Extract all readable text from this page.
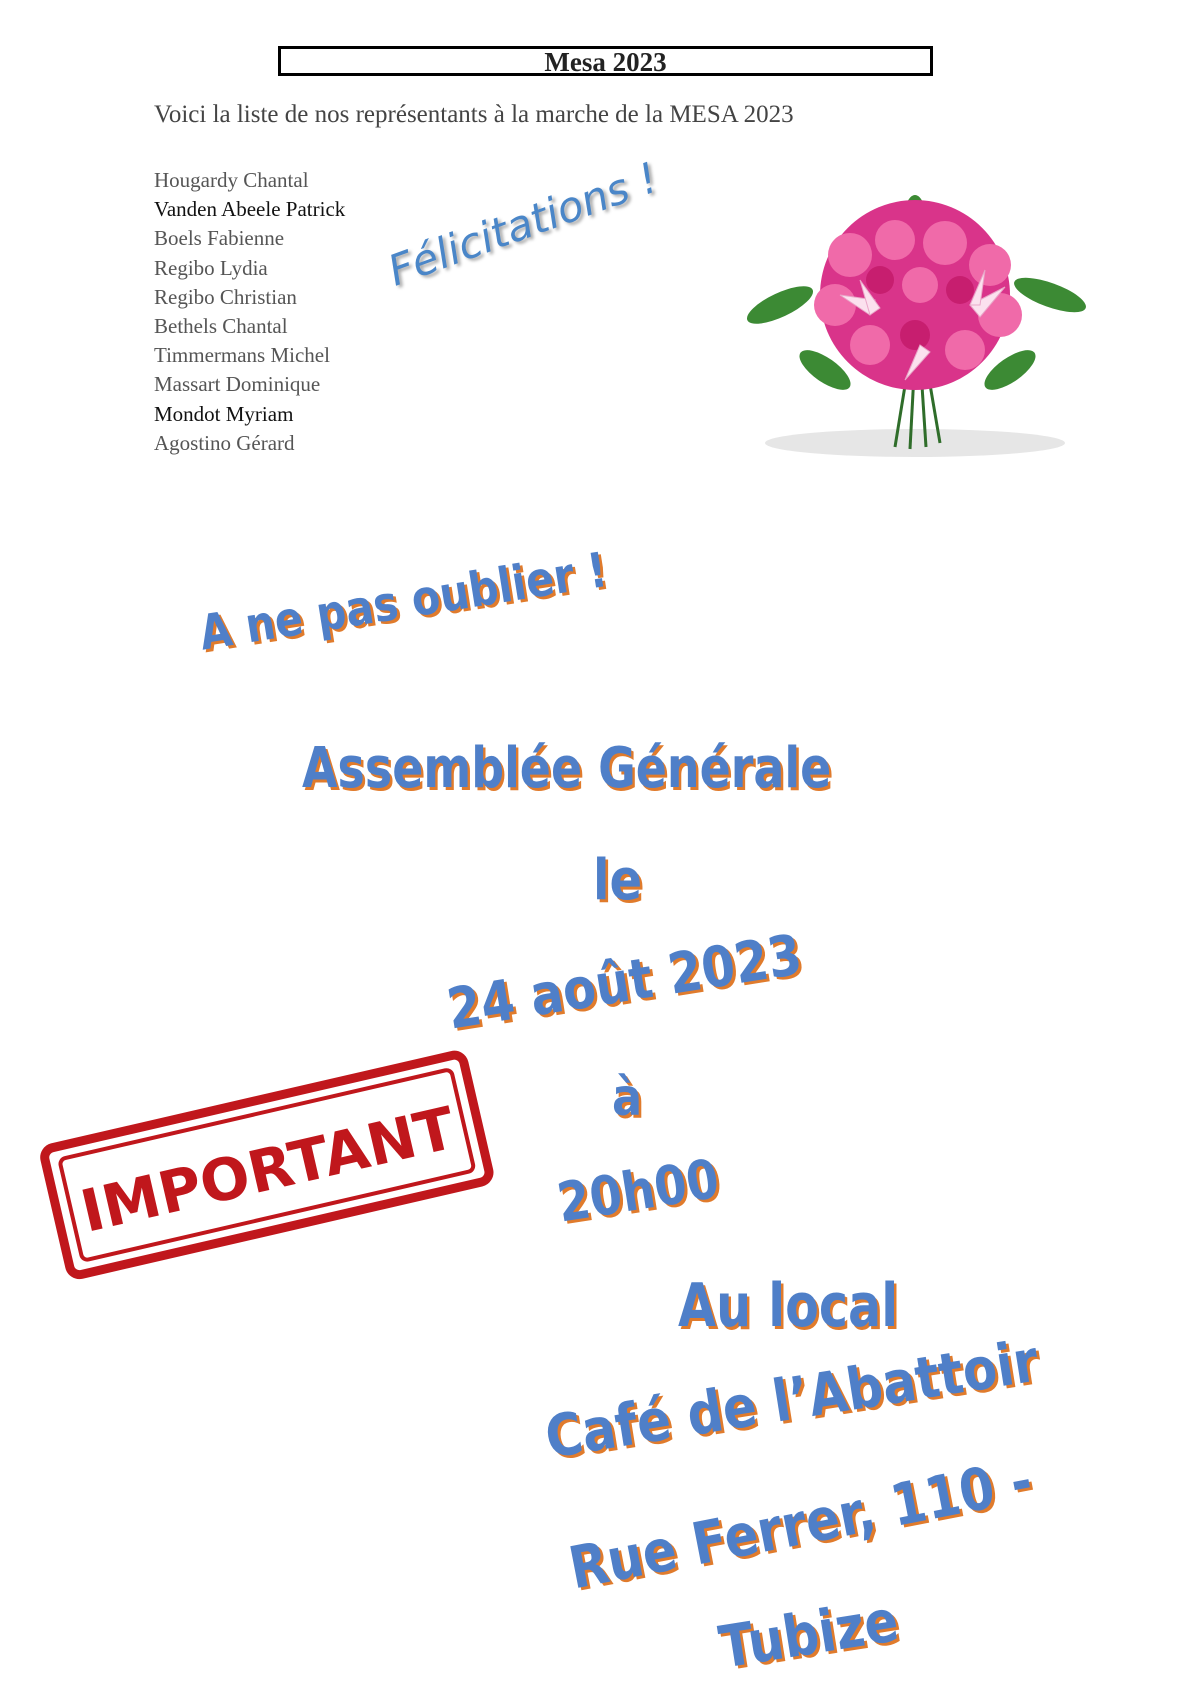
Mesa 2023
Voici la liste de nos représentants à la marche de la MESA 2023
Hougardy Chantal
Vanden Abeele Patrick
Boels Fabienne
Regibo Lydia
Regibo Christian
Bethels Chantal
Timmermans Michel
Massart Dominique
Mondot Myriam
Agostino Gérard
Félicitations !
A ne pas oublier !
Assemblée Générale
le
24 août 2023
à
20h00
Au local
Café de l’Abattoir
Rue Ferrer, 110 -
Tubize
IMPORTANT
